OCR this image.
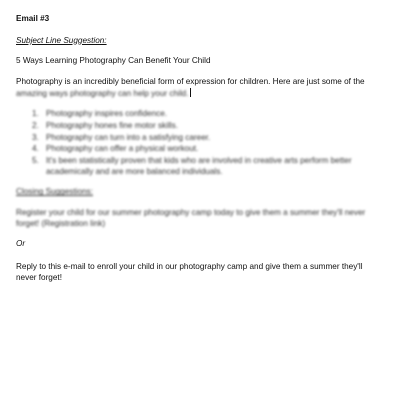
Email #3
Subject Line Suggestion:
5 Ways Learning Photography Can Benefit Your Child
Photography is an incredibly beneficial form of expression for children. Here are just some of the amazing ways photography can help your child.
1. Photography inspires confidence.
2. Photography hones fine motor skills.
3. Photography can turn into a satisfying career.
4. Photography can offer a physical workout.
5. It's been statistically proven that kids who are involved in creative arts perform better academically and are more balanced individuals.
Closing Suggestions:
Register your child for our summer photography camp today to give them a summer they'll never forget! (Registration link)
Or
Reply to this e-mail to enroll your child in our photography camp and give them a summer they'll never forget!
